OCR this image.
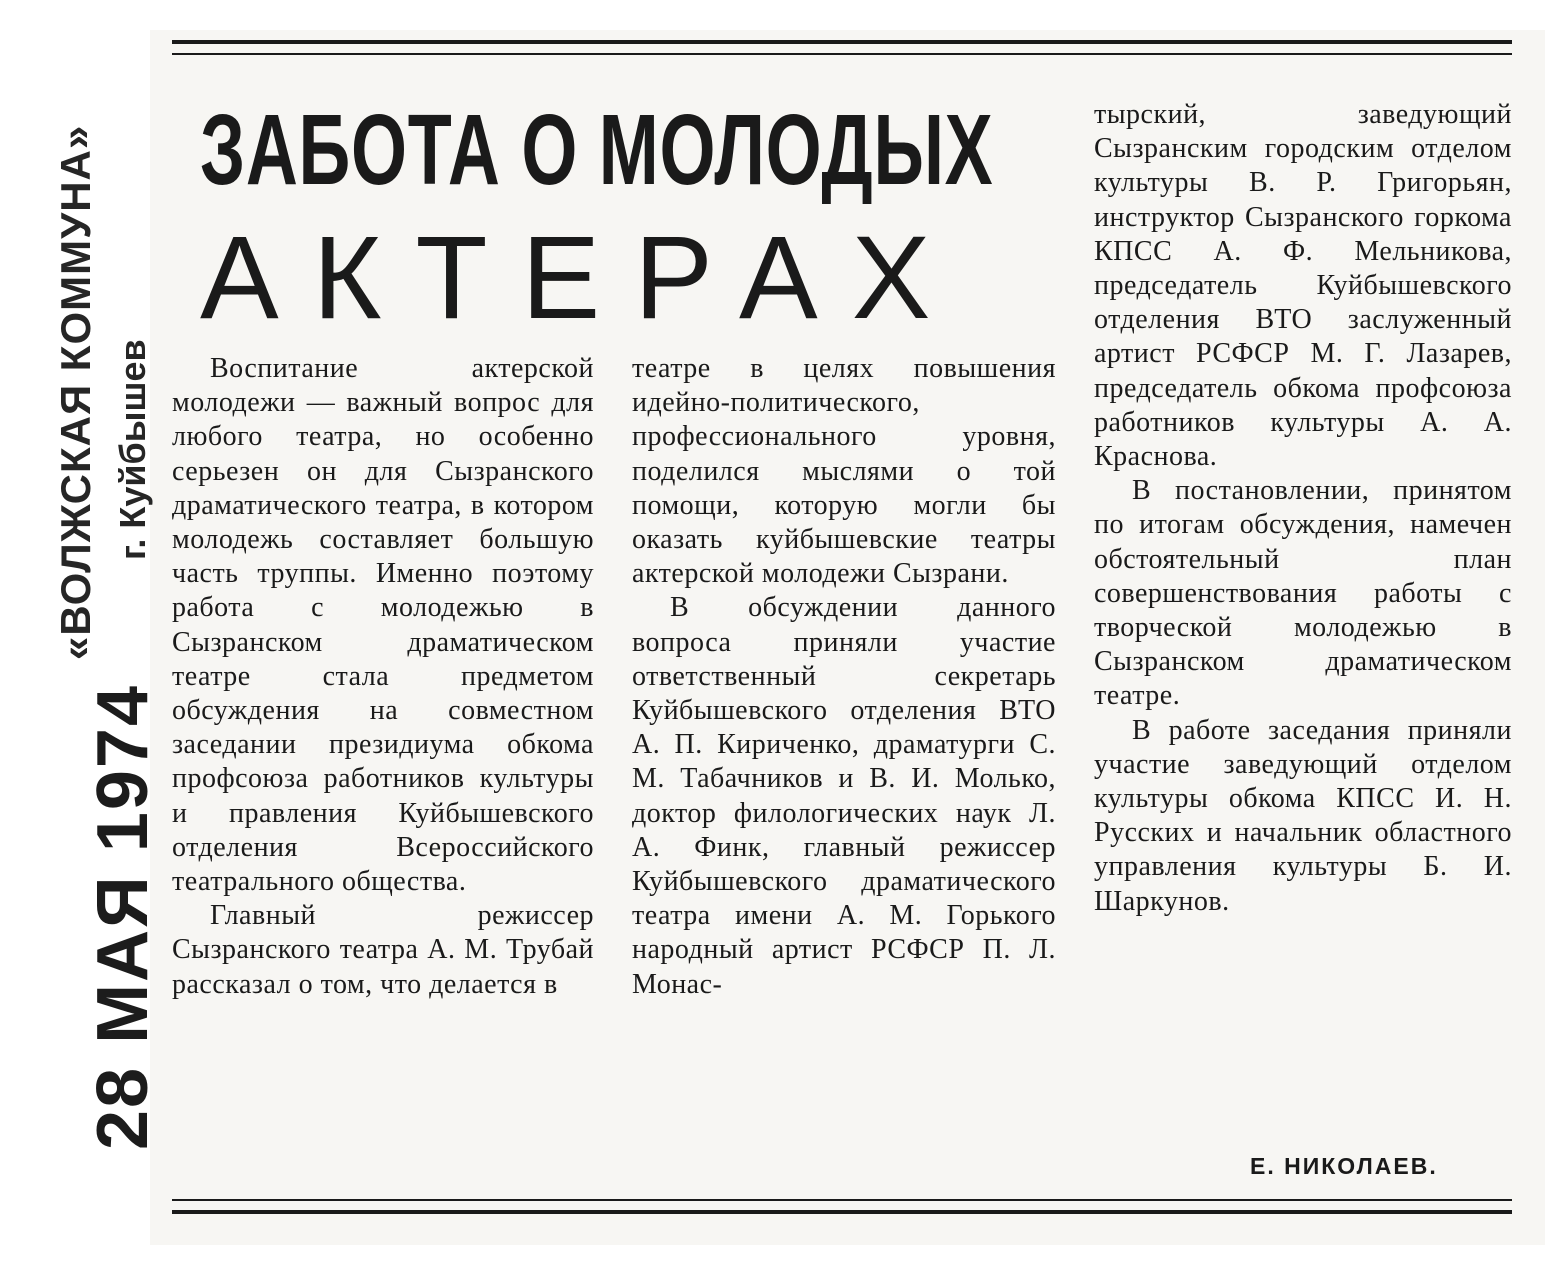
«ВОЛЖСКАЯ КОММУНА» г. Куйбышев
28 МАЯ 1974
ЗАБОТА О МОЛОДЫХ
АКТЕРАХ

Воспитание актерской молодежи — важный вопрос для любого театра, но особенно серьезен он для Сызранского драматического театра, в котором молодежь составляет большую часть труппы. Именно поэтому работа с молодежью в Сызранском драматическом театре стала предметом обсуждения на совместном заседании президиума обкома профсоюза работников культуры и правления Куйбышевского отделения Всероссийского театрального общества.

Главный режиссер Сызранского театра А. М. Трубай рассказал о том, что делается в

театре в целях повышения идейно-политического, профессионального уровня, поделился мыслями о той помощи, которую могли бы оказать куйбышевские театры актерской молодежи Сызрани.

В обсуждении данного вопроса приняли участие ответственный секретарь Куйбышевского отделения ВТО А. П. Кириченко, драматурги С. М. Табачников и В. И. Молько, доктор филологических наук Л. А. Финк, главный режиссер Куйбышевского драматического театра имени А. М. Горького народный артист РСФСР П. Л. Монас-

тырский, заведующий Сызранским городским отделом культуры В. Р. Григорьян, инструктор Сызранского горкома КПСС А. Ф. Мельникова, председатель Куйбышевского отделения ВТО заслуженный артист РСФСР М. Г. Лазарев, председатель обкома профсоюза работников культуры А. А. Краснова.

В постановлении, принятом по итогам обсуждения, намечен обстоятельный план совершенствования работы с творческой молодежью в Сызранском драматическом театре.

В работе заседания приняли участие заведующий отделом культуры обкома КПСС И. Н. Русских и начальник областного управления культуры Б. И. Шаркунов.

Е. НИКОЛАЕВ.
